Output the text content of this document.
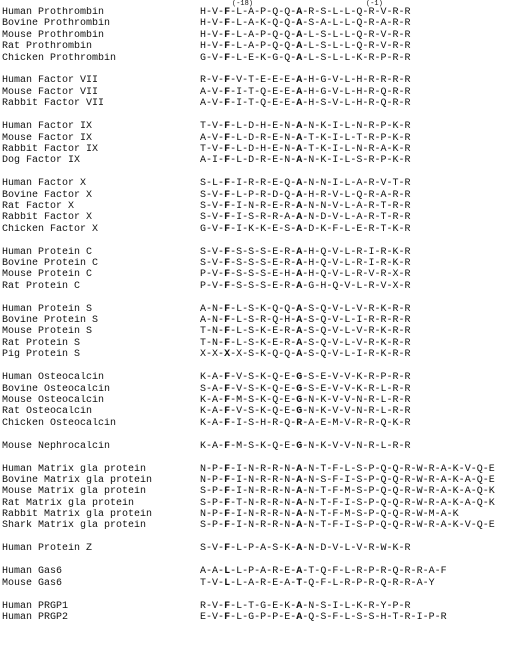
(-18)	(-1)
Human Prothrombin	H-V-F-L-A-P-Q-Q-A-R-S-L-L-Q-R-V-R-R
Bovine Prothrombin	H-V-F-L-A-K-Q-Q-A-S-A-L-L-Q-R-A-R-R
Mouse Prothrombin	H-V-F-L-A-P-Q-Q-A-L-S-L-L-Q-R-V-R-R
Rat Prothrombin	H-V-F-L-A-P-Q-Q-A-L-S-L-L-Q-R-V-R-R
Chicken Prothrombin	G-V-F-L-E-K-G-Q-A-L-S-L-L-K-R-P-R-R
Human Factor VII	R-V-F-V-T-E-E-E-A-H-G-V-L-H-R-R-R-R
Mouse Factor VII	A-V-F-I-T-Q-E-E-A-H-G-V-L-H-R-Q-R-R
Rabbit Factor VII	A-V-F-I-T-Q-E-E-A-H-S-V-L-H-R-Q-R-R
Human Factor IX	T-V-F-L-D-H-E-N-A-N-K-I-L-N-R-P-K-R
Mouse Factor IX	A-V-F-L-D-R-E-N-A-T-K-I-L-T-R-P-K-R
Rabbit Factor IX	T-V-F-L-D-H-E-N-A-T-K-I-L-N-R-A-K-R
Dog Factor IX	A-I-F-L-D-R-E-N-A-N-K-I-L-S-R-P-K-R
Human Factor X	S-L-F-I-R-R-E-Q-A-N-N-I-L-A-R-V-T-R
Bovine Factor X	S-V-F-L-P-R-D-Q-A-H-R-V-L-Q-R-A-R-R
Rat Factor X	S-V-F-I-N-R-E-R-A-N-N-V-L-A-R-T-R-R
Rabbit Factor X	S-V-F-I-S-R-R-A-A-N-D-V-L-A-R-T-R-R
Chicken Factor X	G-V-F-I-K-K-E-S-A-D-K-F-L-E-R-T-K-R
Human Protein C	S-V-F-S-S-S-E-R-A-H-Q-V-L-R-I-R-K-R
Bovine Protein C	S-V-F-S-S-S-E-R-A-H-Q-V-L-R-I-R-K-R
Mouse Protein C	P-V-F-S-S-S-E-H-A-H-Q-V-L-R-V-R-X-R
Rat Protein C	P-V-F-S-S-S-E-R-A-G-H-Q-V-L-R-V-X-R
Human Protein S	A-N-F-L-S-K-Q-Q-A-S-Q-V-L-V-R-K-R-R
Bovine Protein S	A-N-F-L-S-R-Q-H-A-S-Q-V-L-I-R-R-R-R
Mouse Protein S	T-N-F-L-S-K-E-R-A-S-Q-V-L-V-R-K-R-R
Rat Protein S	T-N-F-L-S-K-E-R-A-S-Q-V-L-V-R-K-R-R
Pig Protein S	X-X-X-X-S-K-Q-Q-A-S-Q-V-L-I-R-K-R-R
Human Osteocalcin	K-A-F-V-S-K-Q-E-G-S-E-V-V-K-R-P-R-R
Bovine Osteocalcin	S-A-F-V-S-K-Q-E-G-S-E-V-V-K-R-L-R-R
Mouse Osteocalcin	K-A-F-M-S-K-Q-E-G-N-K-V-V-N-R-L-R-R
Rat Osteocalcin	K-A-F-V-S-K-Q-E-G-N-K-V-V-N-R-L-R-R
Chicken Osteocalcin	K-A-F-I-S-H-R-Q-R-A-E-M-V-R-R-Q-K-R
Mouse Nephrocalcin	K-A-F-M-S-K-Q-E-G-N-K-V-V-N-R-L-R-R
Human Matrix gla protein	N-P-F-I-N-R-R-N-A-N-T-F-L-S-P-Q-Q-R-W-R-A-K-V-Q-E
Bovine Matrix gla protein	N-P-F-I-N-R-R-N-A-N-S-F-I-S-P-Q-Q-R-W-R-A-K-A-Q-E
Mouse Matrix gla protein	S-P-F-I-N-R-R-N-A-N-T-F-M-S-P-Q-Q-R-W-R-A-K-A-Q-K
Rat Matrix gla protein	S-P-F-T-N-R-R-N-A-N-T-F-I-S-P-Q-Q-R-W-R-A-K-A-Q-K
Rabbit Matrix gla protein	N-P-F-I-N-R-R-N-A-N-T-F-M-S-P-Q-Q-R-W-M-A-K
Shark Matrix gla protein	S-P-F-I-N-R-R-N-A-N-T-F-I-S-P-Q-Q-R-W-R-A-K-V-Q-E
Human Protein Z	S-V-F-L-P-A-S-K-A-N-D-V-L-V-R-W-K-R
Human Gas6	A-A-L-L-P-A-R-E-A-T-Q-F-L-R-P-R-Q-R-R-A-F
Mouse Gas6	T-V-L-L-A-R-E-A-T-Q-F-L-R-P-R-Q-R-R-A-Y
Human PRGP1	R-V-F-L-T-G-E-K-A-N-S-I-L-K-R-Y-P-R
Human PRGP2	E-V-F-L-G-P-P-E-A-Q-S-F-L-S-S-H-T-R-I-P-R
